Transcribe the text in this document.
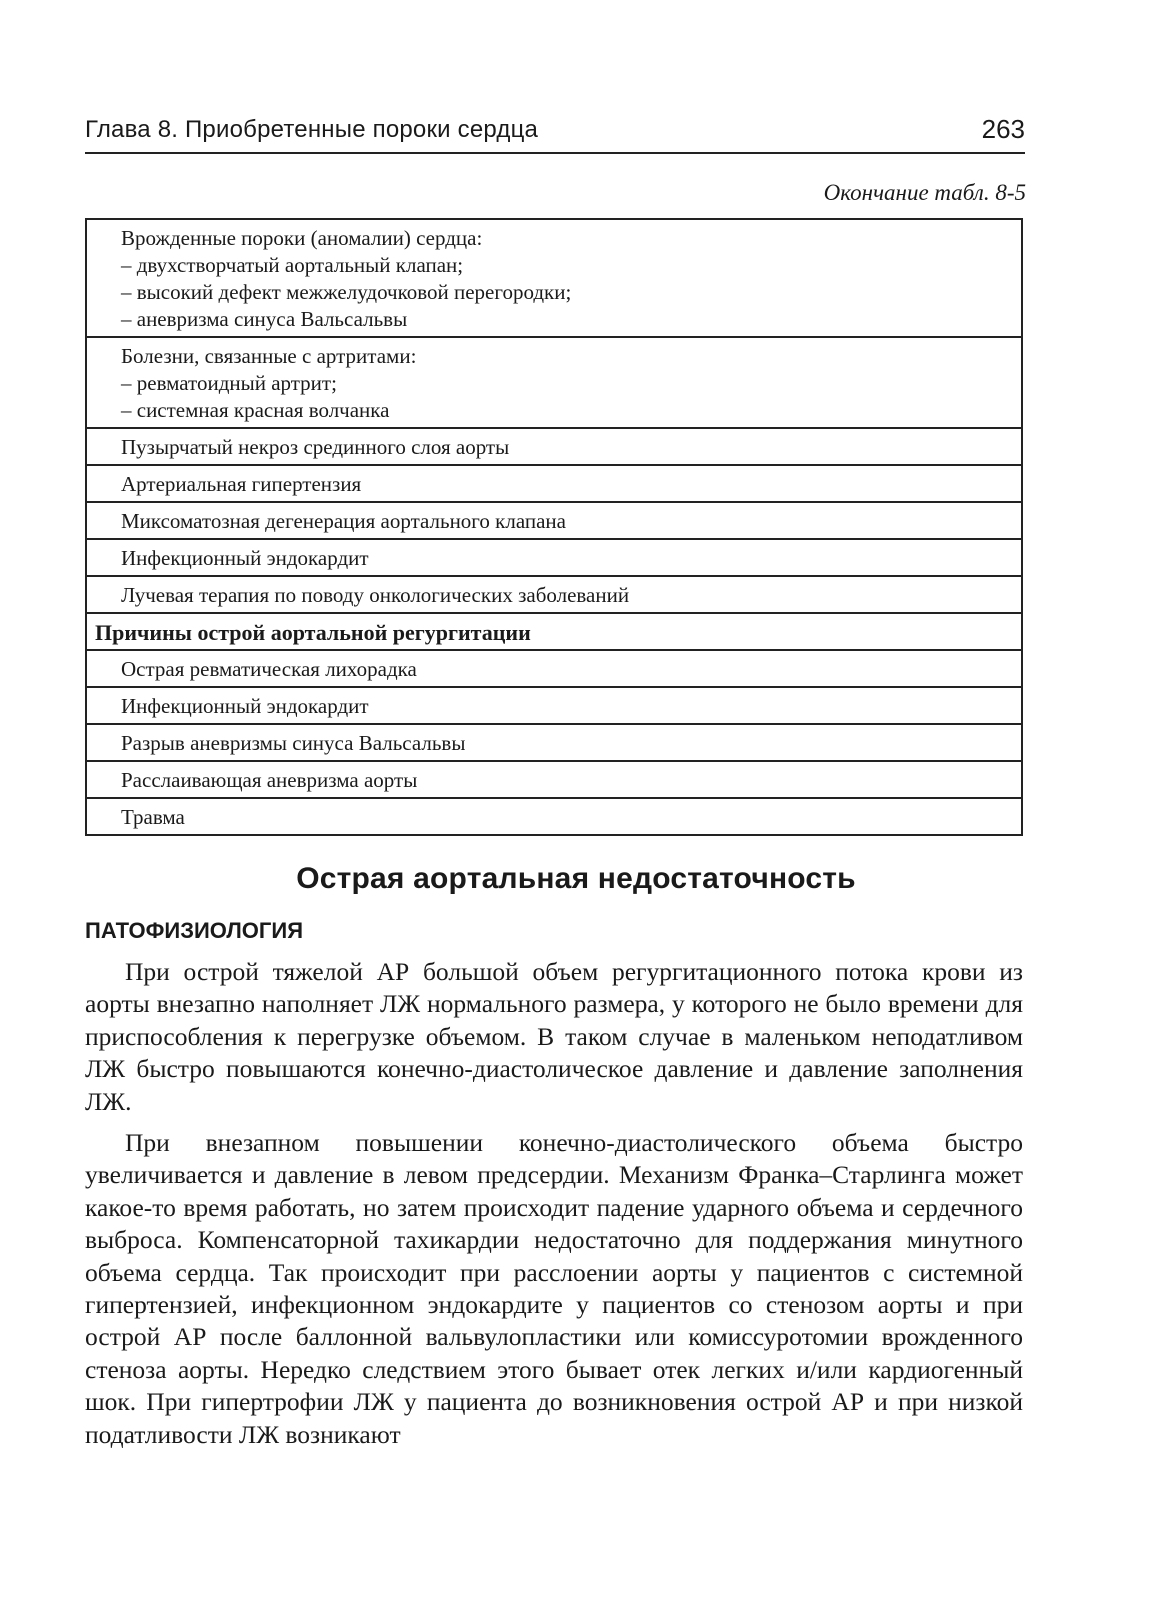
Глава 8. Приобретенные пороки сердца	263
Окончание табл. 8-5
Врожденные пороки (аномалии) сердца:
– двухстворчатый аортальный клапан;
– высокий дефект межжелудочковой перегородки;
– аневризма синуса Вальсальвы

Болезни, связанные с артритами:
– ревматоидный артрит;
– системная красная волчанка

Пузырчатый некроз срединного слоя аорты

Артериальная гипертензия

Миксоматозная дегенерация аортального клапана

Инфекционный эндокардит

Лучевая терапия по поводу онкологических заболеваний

Причины острой аортальной регургитации

Острая ревматическая лихорадка

Инфекционный эндокардит

Разрыв аневризмы синуса Вальсальвы

Расслаивающая аневризма аорты

Травма
Острая аортальная недостаточность
ПАТОФИЗИОЛОГИЯ

При острой тяжелой АР большой объем регургитационного потока крови из аорты внезапно наполняет ЛЖ нормального размера, у которого не было времени для приспособления к перегрузке объемом. В таком случае в маленьком неподатливом ЛЖ быстро повышаются конечно-диастолическое давление и давление заполнения ЛЖ.

При внезапном повышении конечно-диастолического объема быстро увеличивается и давление в левом предсердии. Механизм Франка–Старлинга может какое-то время работать, но затем происходит падение ударного объема и сердечного выброса. Компенсаторной тахикардии недостаточно для поддержания минутного объема сердца. Так происходит при расслоении аорты у пациентов с системной гипертензией, инфекционном эндокардите у пациентов со стенозом аорты и при острой АР после баллонной вальвулопластики или комиссуротомии врожденного стеноза аорты. Нередко следствием этого бывает отек легких и/или кардиогенный шок. При гипертрофии ЛЖ у пациента до возникновения острой АР и при низкой податливости ЛЖ возникают
